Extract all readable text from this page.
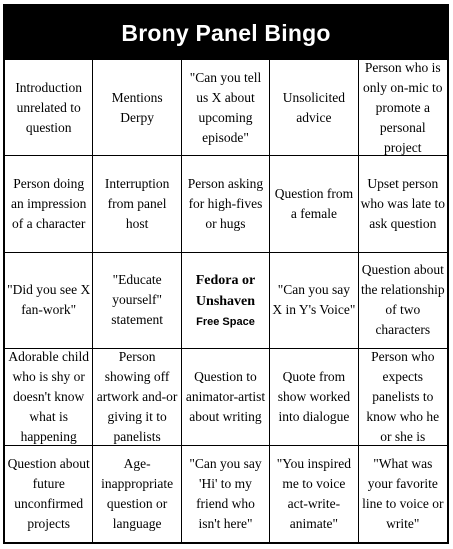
Brony Panel Bingo
Introduction unrelated to question
Mentions Derpy
"Can you tell us X about upcoming episode"
Unsolicited advice
Person who is only on-mic to promote a personal project
Person doing an impression of a character
Interruption from panel host
Person asking for high-fives or hugs
Question from a female
Upset person who was late to ask question
"Did you see X fan-work"
"Educate yourself" statement
Fedora or Unshaven
Free Space
"Can you say X in Y's Voice"
Question about the relationship of two characters
Adorable child who is shy or doesn't know what is happening
Person showing off artwork and-or giving it to panelists
Question to animator-artist about writing
Quote from show worked into dialogue
Person who expects panelists to know who he or she is
Question about future unconfirmed projects
Age-inappropriate question or language
"Can you say 'Hi' to my friend who isn't here"
"You inspired me to voice act-write-animate"
"What was your favorite line to voice or write"
